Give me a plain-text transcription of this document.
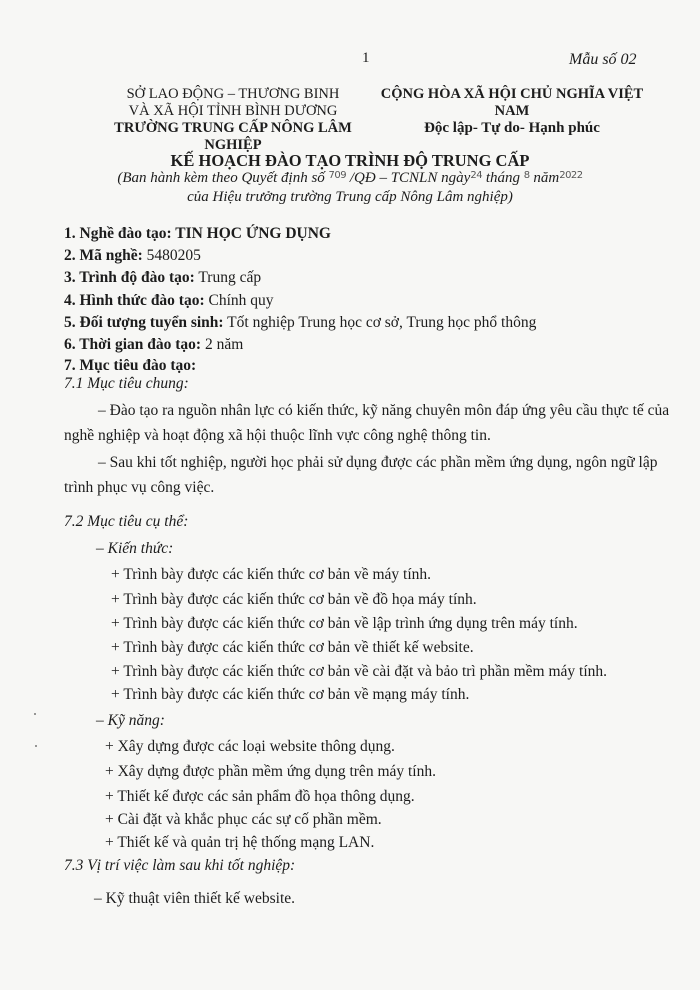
1	Mẫu số 02
SỞ LAO ĐỘNG – THƯƠNG BINH
VÀ XÃ HỘI TỈNH BÌNH DƯƠNG
TRƯỜNG TRUNG CẤP NÔNG LÂM NGHIỆP
CỘNG HÒA XÃ HỘI CHỦ NGHĨA VIỆT NAM
Độc lập- Tự do- Hạnh phúc
KẾ HOẠCH ĐÀO TẠO TRÌNH ĐỘ TRUNG CẤP
(Ban hành kèm theo Quyết định số $^{709}$ /QĐ – TCNLN ngày$^{24}$ tháng $^8$ năm$^{2022}$
của Hiệu trưởng trường Trung cấp Nông Lâm nghiệp)
1. Nghề đào tạo: TIN HỌC ỨNG DỤNG
2. Mã nghề: 5480205
3. Trình độ đào tạo: Trung cấp
4. Hình thức đào tạo: Chính quy
5. Đối tượng tuyển sinh: Tốt nghiệp Trung học cơ sở, Trung học phổ thông
6. Thời gian đào tạo: 2 năm
7. Mục tiêu đào tạo:
7.1 Mục tiêu chung:
– Đào tạo ra nguồn nhân lực có kiến thức, kỹ năng chuyên môn đáp ứng yêu cầu thực tế của
nghề nghiệp và hoạt động xã hội thuộc lĩnh vực công nghệ thông tin.
– Sau khi tốt nghiệp, người học phải sử dụng được các phần mềm ứng dụng, ngôn ngữ lập
trình phục vụ công việc.
7.2 Mục tiêu cụ thể:
– Kiến thức:
+ Trình bày được các kiến thức cơ bản về máy tính.
+ Trình bày được các kiến thức cơ bản về đồ họa máy tính.
+ Trình bày được các kiến thức cơ bản về lập trình ứng dụng trên máy tính.
+ Trình bày được các kiến thức cơ bản về thiết kế website.
+ Trình bày được các kiến thức cơ bản về cài đặt và bảo trì phần mềm máy tính.
+ Trình bày được các kiến thức cơ bản về mạng máy tính.
– Kỹ năng:
+ Xây dựng được các loại website thông dụng.
+ Xây dựng được phần mềm ứng dụng trên máy tính.
+ Thiết kế được các sản phẩm đồ họa thông dụng.
+ Cài đặt và khắc phục các sự cố phần mềm.
+ Thiết kế và quản trị hệ thống mạng LAN.
7.3 Vị trí việc làm sau khi tốt nghiệp:
– Kỹ thuật viên thiết kế website.
